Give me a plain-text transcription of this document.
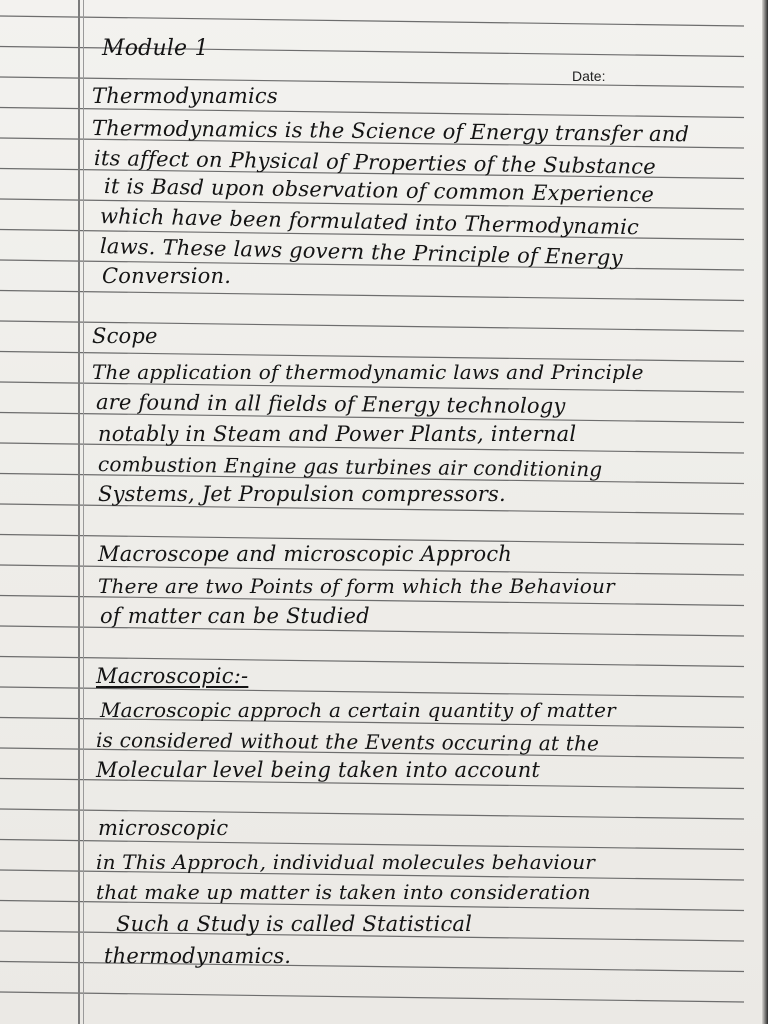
Date:
Module 1
Thermodynamics
Thermodynamics is the Science of Energy transfer and
its affect on Physical of Properties of the Substance
it is Basd upon observation of common Experience
which have been formulated into Thermodynamic
laws. These laws govern the Principle of Energy
Conversion.
Scope
The application of thermodynamic laws and Principle
are found in all fields of Energy technology
notably in Steam and Power Plants, internal
combustion Engine gas turbines air conditioning
Systems, Jet Propulsion compressors.
Macroscope and microscopic Approch
There are two Points of form which the Behaviour
of matter can be Studied
Macroscopic:-
Macroscopic approch a certain quantity of matter
is considered without the Events occuring at the
Molecular level being taken into account
microscopic
in This Approch, individual molecules behaviour
that make up matter is taken into consideration
Such a Study is called Statistical
thermodynamics.
